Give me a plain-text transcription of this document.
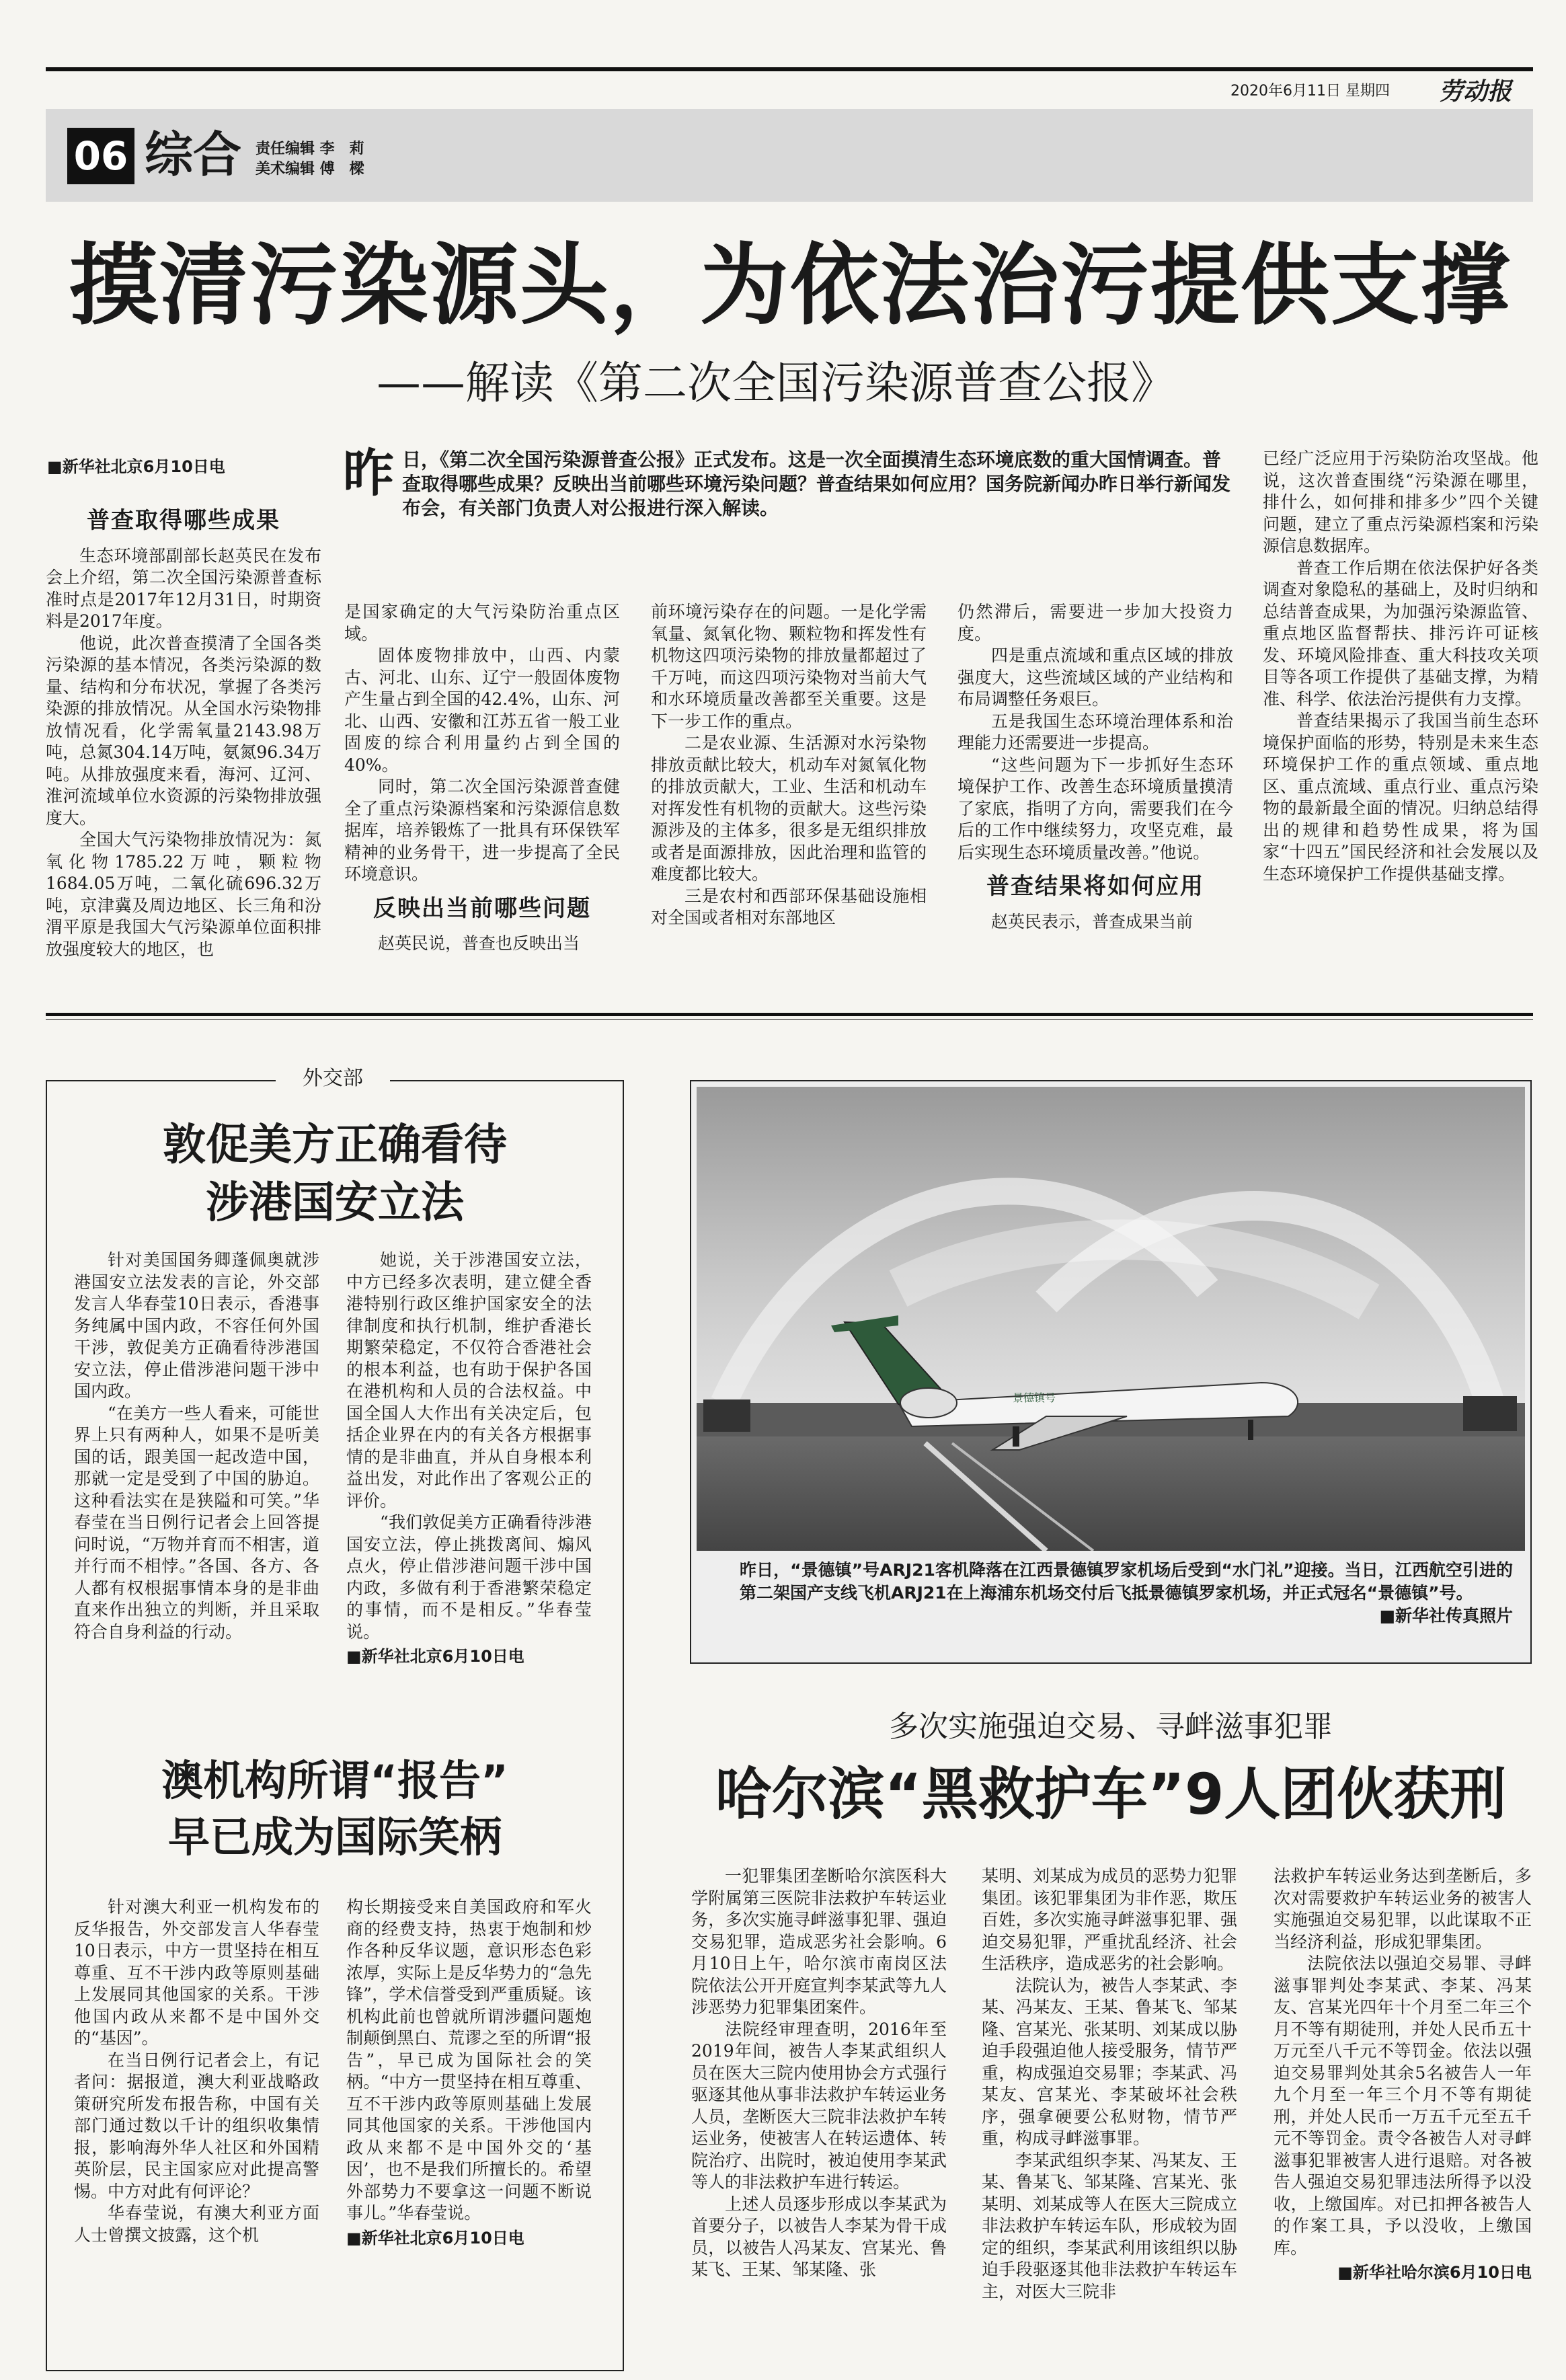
2020年6月11日 星期四 劳动报
06 综合 责任编辑 李　莉
美术编辑 傅　樑
摸清污染源头，为依法治污提供支撑
——解读《第二次全国污染源普查公报》
■新华社北京6月10日电
普查取得哪些成果

生态环境部副部长赵英民在发布会上介绍，第二次全国污染源普查标准时点是2017年12月31日，时期资料是2017年度。

他说，此次普查摸清了全国各类污染源的基本情况，各类污染源的数量、结构和分布状况，掌握了各类污染源的排放情况。从全国水污染物排放情况看，化学需氧量2143.98万吨，总氮304.14万吨，氨氮96.34万吨。从排放强度来看，海河、辽河、淮河流域单位水资源的污染物排放强度大。

全国大气污染物排放情况为：氮氧化物1785.22万吨，颗粒物1684.05万吨，二氧化硫696.32万吨，京津冀及周边地区、长三角和汾渭平原是我国大气污染源单位面积排放强度较大的地区，也

昨 日，《第二次全国污染源普查公报》正式发布。这是一次全面摸清生态环境底数的重大国情调查。普查取得哪些成果？反映出当前哪些环境污染问题？普查结果如何应用？国务院新闻办昨日举行新闻发布会，有关部门负责人对公报进行深入解读。

是国家确定的大气污染防治重点区域。

固体废物排放中，山西、内蒙古、河北、山东、辽宁一般固体废物产生量占到全国的42.4%，山东、河北、山西、安徽和江苏五省一般工业固废的综合利用量约占到全国的40%。

同时，第二次全国污染源普查健全了重点污染源档案和污染源信息数据库，培养锻炼了一批具有环保铁军精神的业务骨干，进一步提高了全民环境意识。

反映出当前哪些问题

赵英民说，普查也反映出当

前环境污染存在的问题。一是化学需氧量、氮氧化物、颗粒物和挥发性有机物这四项污染物的排放量都超过了千万吨，而这四项污染物对当前大气和水环境质量改善都至关重要。这是下一步工作的重点。

二是农业源、生活源对水污染物排放贡献比较大，机动车对氮氧化物的排放贡献大，工业、生活和机动车对挥发性有机物的贡献大。这些污染源涉及的主体多，很多是无组织排放或者是面源排放，因此治理和监管的难度都比较大。

三是农村和西部环保基础设施相对全国或者相对东部地区

仍然滞后，需要进一步加大投资力度。

四是重点流域和重点区域的排放强度大，这些流域区域的产业结构和布局调整任务艰巨。

五是我国生态环境治理体系和治理能力还需要进一步提高。

“这些问题为下一步抓好生态环境保护工作、改善生态环境质量摸清了家底，指明了方向，需要我们在今后的工作中继续努力，攻坚克难，最后实现生态环境质量改善。”他说。

普查结果将如何应用

赵英民表示，普查成果当前

已经广泛应用于污染防治攻坚战。他说，这次普查围绕“污染源在哪里，排什么，如何排和排多少”四个关键问题，建立了重点污染源档案和污染源信息数据库。

普查工作后期在依法保护好各类调查对象隐私的基础上，及时归纳和总结普查成果，为加强污染源监管、重点地区监督帮扶、排污许可证核发、环境风险排查、重大科技攻关项目等各项工作提供了基础支撑，为精准、科学、依法治污提供有力支撑。

普查结果揭示了我国当前生态环境保护面临的形势，特别是未来生态环境保护工作的重点领域、重点地区、重点流域、重点行业、重点污染物的最新最全面的情况。归纳总结得出的规律和趋势性成果，将为国家“十四五”国民经济和社会发展以及生态环境保护工作提供基础支撑。

外交部
敦促美方正确看待
涉港国安立法

针对美国国务卿蓬佩奥就涉港国安立法发表的言论，外交部发言人华春莹10日表示，香港事务纯属中国内政，不容任何外国干涉，敦促美方正确看待涉港国安立法，停止借涉港问题干涉中国内政。

“在美方一些人看来，可能世界上只有两种人，如果不是听美国的话，跟美国一起改造中国，那就一定是受到了中国的胁迫。这种看法实在是狭隘和可笑。”华春莹在当日例行记者会上回答提问时说，“万物并育而不相害，道并行而不相悖。”各国、各方、各人都有权根据事情本身的是非曲直来作出独立的判断，并且采取符合自身利益的行动。

她说，关于涉港国安立法，中方已经多次表明，建立健全香港特别行政区维护国家安全的法律制度和执行机制，维护香港长期繁荣稳定，不仅符合香港社会的根本利益，也有助于保护各国在港机构和人员的合法权益。中国全国人大作出有关决定后，包括企业界在内的有关各方根据事情的是非曲直，并从自身根本利益出发，对此作出了客观公正的评价。

“我们敦促美方正确看待涉港国安立法，停止挑拨离间、煽风点火，停止借涉港问题干涉中国内政，多做有利于香港繁荣稳定的事情，而不是相反。”华春莹说。

■新华社北京6月10日电
澳机构所谓“报告”
早已成为国际笑柄

针对澳大利亚一机构发布的反华报告，外交部发言人华春莹10日表示，中方一贯坚持在相互尊重、互不干涉内政等原则基础上发展同其他国家的关系。干涉他国内政从来都不是中国外交的“基因”。

在当日例行记者会上，有记者问：据报道，澳大利亚战略政策研究所发布报告称，中国有关部门通过数以千计的组织收集情报，影响海外华人社区和外国精英阶层，民主国家应对此提高警惕。中方对此有何评论？

华春莹说，有澳大利亚方面人士曾撰文披露，这个机

构长期接受来自美国政府和军火商的经费支持，热衷于炮制和炒作各种反华议题，意识形态色彩浓厚，实际上是反华势力的“急先锋”，学术信誉受到严重质疑。该机构此前也曾就所谓涉疆问题炮制颠倒黑白、荒谬之至的所谓“报告”，早已成为国际社会的笑柄。“中方一贯坚持在相互尊重、互不干涉内政等原则基础上发展同其他国家的关系。干涉他国内政从来都不是中国外交的‘基因’，也不是我们所擅长的。希望外部势力不要拿这一问题不断说事儿。”华春莹说。

■新华社北京6月10日电
景德镇号
昨日，“景德镇”号ARJ21客机降落在江西景德镇罗家机场后受到“水门礼”迎接。当日，江西航空引进的第二架国产支线飞机ARJ21在上海浦东机场交付后飞抵景德镇罗家机场，并正式冠名“景德镇”号。
■新华社传真照片
多次实施强迫交易、寻衅滋事犯罪
哈尔滨“黑救护车”9人团伙获刑

一犯罪集团垄断哈尔滨医科大学附属第三医院非法救护车转运业务，多次实施寻衅滋事犯罪、强迫交易犯罪，造成恶劣社会影响。6月10日上午，哈尔滨市南岗区法院依法公开开庭宣判李某武等九人涉恶势力犯罪集团案件。

法院经审理查明，2016年至2019年间，被告人李某武组织人员在医大三院内使用协会方式强行驱逐其他从事非法救护车转运业务人员，垄断医大三院非法救护车转运业务，使被害人在转运遗体、转院治疗、出院时，被迫使用李某武等人的非法救护车进行转运。

上述人员逐步形成以李某武为首要分子，以被告人李某为骨干成员，以被告人冯某友、宫某光、鲁某飞、王某、邹某隆、张

某明、刘某成为成员的恶势力犯罪集团。该犯罪集团为非作恶，欺压百姓，多次实施寻衅滋事犯罪、强迫交易犯罪，严重扰乱经济、社会生活秩序，造成恶劣的社会影响。

法院认为，被告人李某武、李某、冯某友、王某、鲁某飞、邹某隆、宫某光、张某明、刘某成以胁迫手段强迫他人接受服务，情节严重，构成强迫交易罪；李某武、冯某友、宫某光、李某破坏社会秩序，强拿硬要公私财物，情节严重，构成寻衅滋事罪。

李某武组织李某、冯某友、王某、鲁某飞、邹某隆、宫某光、张某明、刘某成等人在医大三院成立非法救护车转运车队，形成较为固定的组织，李某武利用该组织以胁迫手段驱逐其他非法救护车转运车主，对医大三院非

法救护车转运业务达到垄断后，多次对需要救护车转运业务的被害人实施强迫交易犯罪，以此谋取不正当经济利益，形成犯罪集团。

法院依法以强迫交易罪、寻衅滋事罪判处李某武、李某、冯某友、宫某光四年十个月至二年三个月不等有期徒刑，并处人民币五十万元至八千元不等罚金。依法以强迫交易罪判处其余5名被告人一年九个月至一年三个月不等有期徒刑，并处人民币一万五千元至五千元不等罚金。责令各被告人对寻衅滋事犯罪被害人进行退赔。对各被告人强迫交易犯罪违法所得予以没收，上缴国库。对已扣押各被告人的作案工具，予以没收，上缴国库。

■新华社哈尔滨6月10日电
